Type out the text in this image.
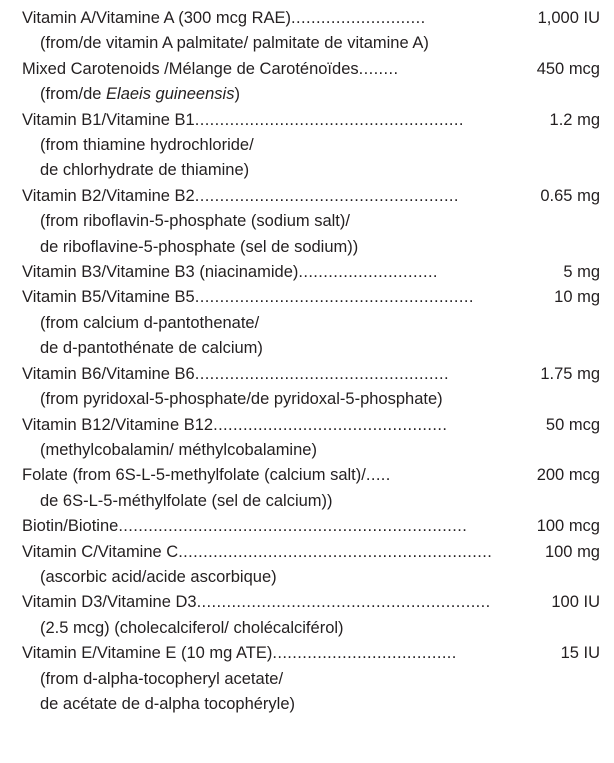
Vitamin A/Vitamine A (300 mcg RAE) ...........................	1,000 IU
(from/de vitamin A palmitate/ palmitate de vitamine A)
Mixed Carotenoids /Mélange de Caroténoïdes ........	450 mcg
(from/de Elaeis guineensis )
Vitamin B1/Vitamine B1 ......................................................	1.2 mg
(from thiamine hydrochloride/
de chlorhydrate de thiamine)
Vitamin B2/Vitamine B2 .....................................................	0.65 mg
(from riboflavin-5-phosphate (sodium salt)/
de riboflavine-5-phosphate (sel de sodium))
Vitamin B3/Vitamine B3 (niacinamide) ............................	5 mg
Vitamin B5/Vitamine B5 ........................................................	10 mg
(from calcium d-pantothenate/
de d-pantothénate de calcium)
Vitamin B6/Vitamine B6 ...................................................	1.75 mg
(from pyridoxal-5-phosphate/de pyridoxal-5-phosphate)
Vitamin B12/Vitamine B12 ...............................................	50 mcg
(methylcobalamin/ méthylcobalamine)
Folate (from 6S-L-5-methylfolate (calcium salt)/ .....	200 mcg
de 6S-L-5-méthylfolate (sel de calcium))
Biotin/Biotine ......................................................................	100 mcg
Vitamin C/Vitamine C ...............................................................	100 mg
(ascorbic acid/acide ascorbique)
Vitamin D3/Vitamine D3 ...........................................................	100 IU
(2.5 mcg) (cholecalciferol/ cholécalciférol)
Vitamin E/Vitamine E (10 mg ATE) .....................................	15 IU
(from d-alpha-tocopheryl acetate/
de acétate de d-alpha tocophéryle)
